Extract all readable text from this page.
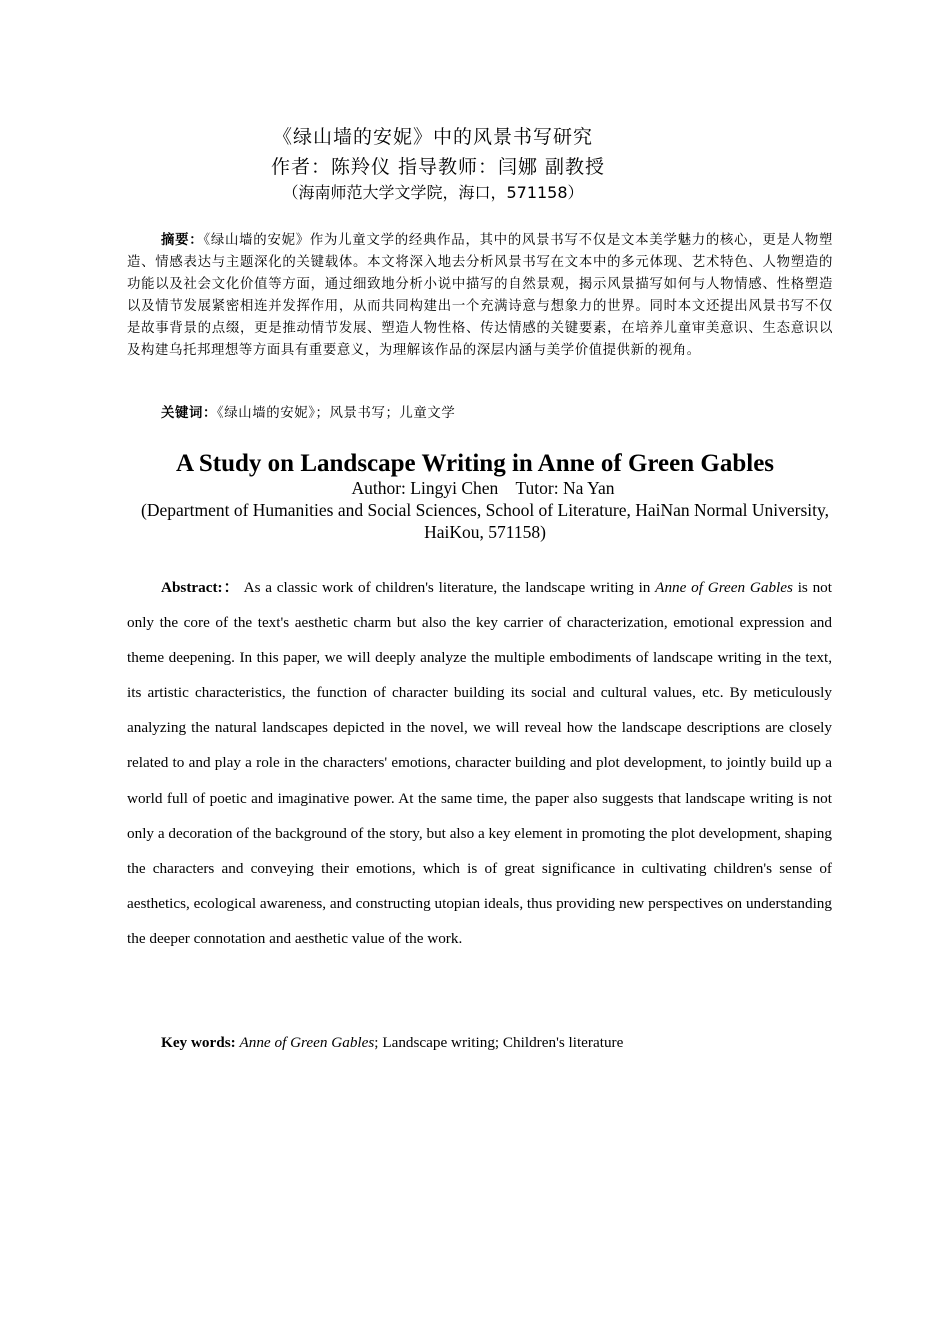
《绿山墙的安妮》中的风景书写研究
作者：陈羚仪 指导教师：闫娜 副教授
（海南师范大学文学院，海口，571158）
摘要：《绿山墙的安妮》作为儿童文学的经典作品，其中的风景书写不仅是文本美学魅力的核心，更是人物塑造、情感表达与主题深化的关键载体。本文将深入地去分析风景书写在文本中的多元体现、艺术特色、人物塑造的功能以及社会文化价值等方面，通过细致地分析小说中描写的自然景观，揭示风景描写如何与人物情感、性格塑造以及情节发展紧密相连并发挥作用，从而共同构建出一个充满诗意与想象力的世界。同时本文还提出风景书写不仅是故事背景的点缀，更是推动情节发展、塑造人物性格、传达情感的关键要素，在培养儿童审美意识、生态意识以及构建乌托邦理想等方面具有重要意义，为理解该作品的深层内涵与美学价值提供新的视角。
关键词：《绿山墙的安妮》；风景书写；儿童文学
A Study on Landscape Writing in Anne of Green Gables
Author: Lingyi Chen    Tutor: Na Yan
(Department of Humanities and Social Sciences, School of Literature, HaiNan Normal University, HaiKou, 571158)
Abstract:： As a classic work of children's literature, the landscape writing in Anne of Green Gables is not only the core of the text's aesthetic charm but also the key carrier of characterization, emotional expression and theme deepening. In this paper, we will deeply analyze the multiple embodiments of landscape writing in the text, its artistic characteristics, the function of character building its social and cultural values, etc. By meticulously analyzing the natural landscapes depicted in the novel, we will reveal how the landscape descriptions are closely related to and play a role in the characters' emotions, character building and plot development, to jointly build up a world full of poetic and imaginative power. At the same time, the paper also suggests that landscape writing is not only a decoration of the background of the story, but also a key element in promoting the plot development, shaping the characters and conveying their emotions, which is of great significance in cultivating children's sense of aesthetics, ecological awareness, and constructing utopian ideals, thus providing new perspectives on understanding the deeper connotation and aesthetic value of the work.
Key words: Anne of Green Gables; Landscape writing; Children's literature
